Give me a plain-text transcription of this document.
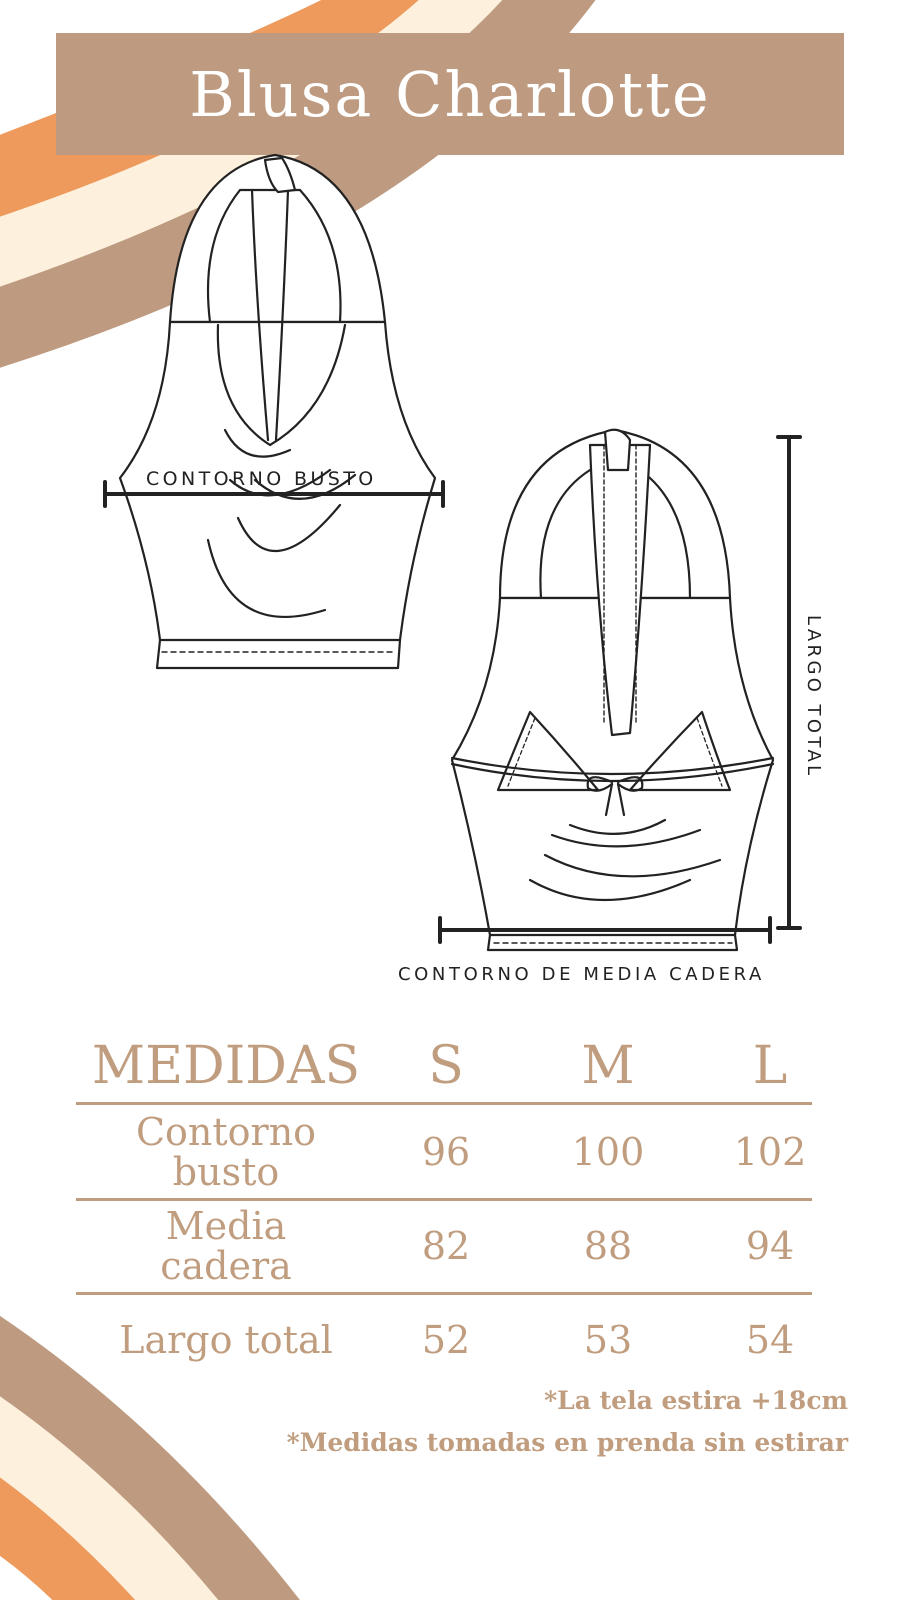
Blusa Charlotte
CONTORNO BUSTO
CONTORNO DE MEDIA CADERA
LARGO TOTAL
MEDIDAS	S	M	L
Contorno busto	96	100	102
Media cadera	82	88	94
Largo total	52	53	54
*La tela estira +18cm
*Medidas tomadas en prenda sin estirar
